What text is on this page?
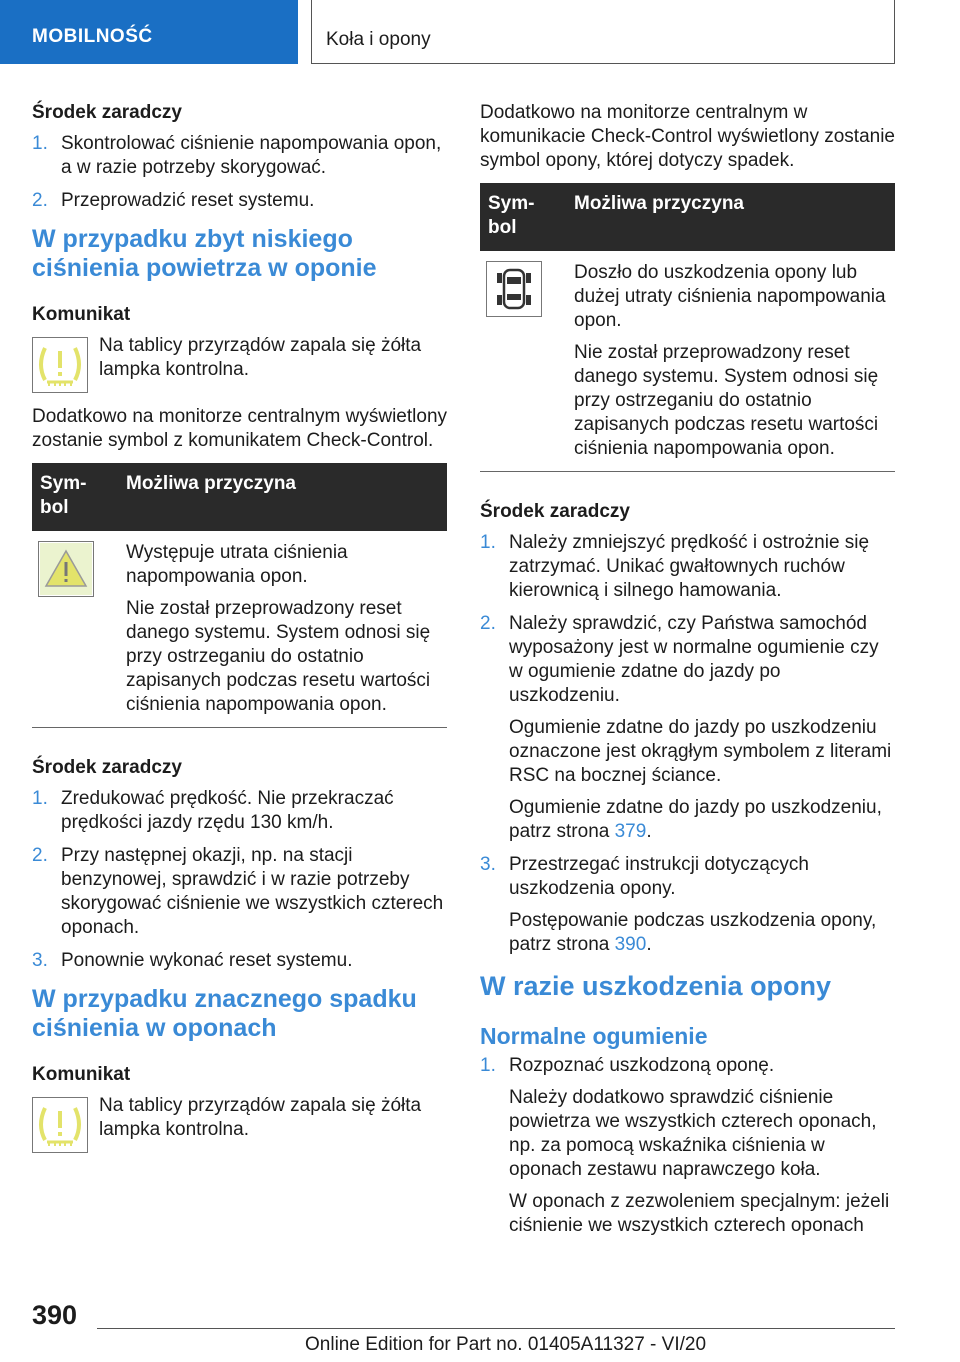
MOBILNOŚĆ	Koła i opony
Środek zaradczy
1. Skontrolować ciśnienie napompowania opon, a w razie potrzeby skorygować.
2. Przeprowadzić reset systemu.
W przypadku zbyt niskiego ciśnienia powietrza w oponie
Komunikat
Na tablicy przyrządów zapala się żółta lampka kontrolna.

Dodatkowo na monitorze centralnym wyświetlony zostanie symbol z komunikatem Check-Control.

Sym-bol	Możliwa przyczyna

Występuje utrata ciśnienia napompowania opon.
Nie został przeprowadzony reset danego systemu. System odnosi się przy ostrzeganiu do ostatnio zapisanych podczas resetu wartości ciśnienia napompowania opon.
Środek zaradczy
1. Zredukować prędkość. Nie przekraczać prędkości jazdy rzędu 130 km/h.
2. Przy następnej okazji, np. na stacji benzynowej, sprawdzić i w razie potrzeby skorygować ciśnienie we wszystkich czterech oponach.
3. Ponownie wykonać reset systemu.
W przypadku znacznego spadku ciśnienia w oponach
Komunikat
Na tablicy przyrządów zapala się żółta lampka kontrolna.

Dodatkowo na monitorze centralnym w komunikacie Check-Control wyświetlony zostanie symbol opony, której dotyczy spadek.

Sym-bol	Możliwa przyczyna

Doszło do uszkodzenia opony lub dużej utraty ciśnienia napompowania opon.
Nie został przeprowadzony reset danego systemu. System odnosi się przy ostrzeganiu do ostatnio zapisanych podczas resetu wartości ciśnienia napompowania opon.
Środek zaradczy
1. Należy zmniejszyć prędkość i ostrożnie się zatrzymać. Unikać gwałtownych ruchów kierownicą i silnego hamowania.
2. Należy sprawdzić, czy Państwa samochód wyposażony jest w normalne ogumienie czy w ogumienie zdatne do jazdy po uszkodzeniu.
Ogumienie zdatne do jazdy po uszkodzeniu oznaczone jest okrągłym symbolem z literami RSC na bocznej ściance.
Ogumienie zdatne do jazdy po uszkodzeniu, patrz strona 379.
3. Przestrzegać instrukcji dotyczących uszkodzenia opony.
Postępowanie podczas uszkodzenia opony, patrz strona 390.
W razie uszkodzenia opony
Normalne ogumienie
1. Rozpoznać uszkodzoną oponę.
Należy dodatkowo sprawdzić ciśnienie powietrza we wszystkich czterech oponach, np. za pomocą wskaźnika ciśnienia w oponach zestawu naprawczego koła.
W oponach z zezwoleniem specjalnym: jeżeli ciśnienie we wszystkich czterech oponach
390
Online Edition for Part no. 01405A11327 - VI/20
